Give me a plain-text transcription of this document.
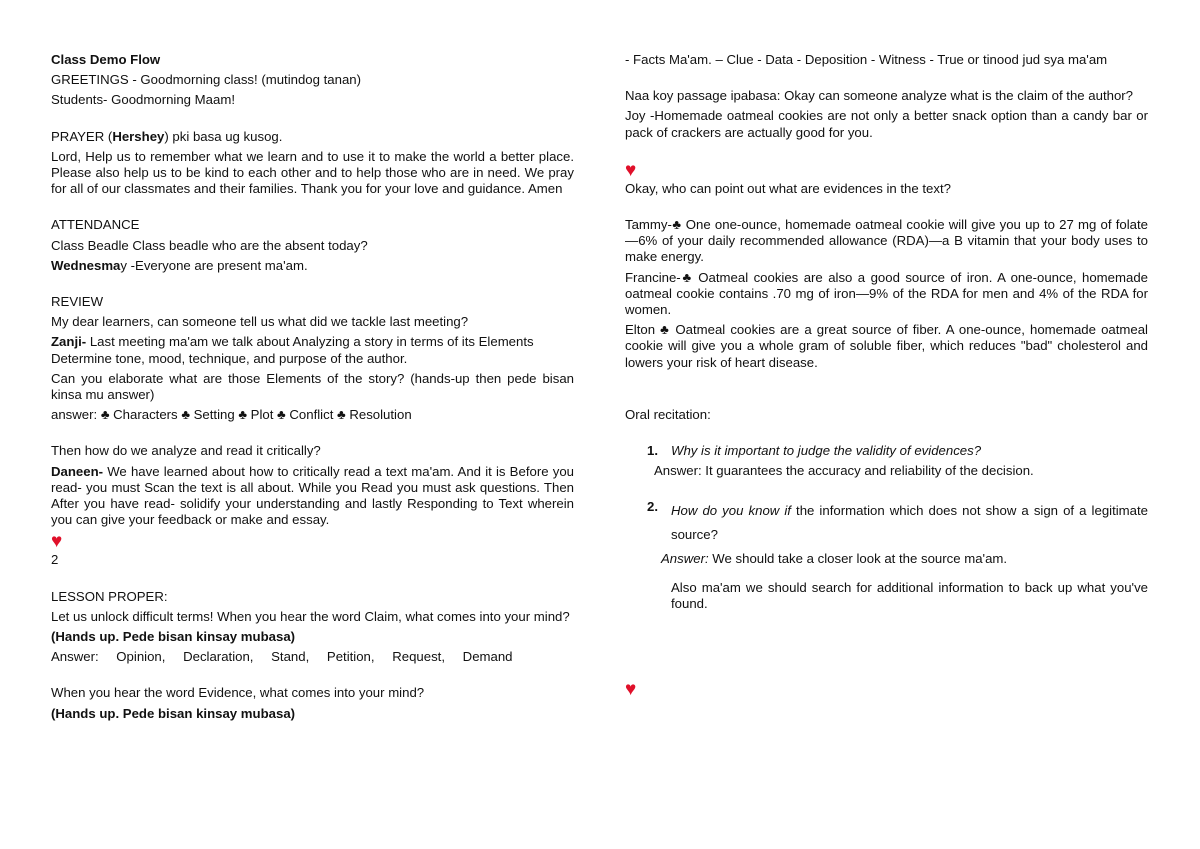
Class Demo Flow

GREETINGS - Goodmorning class! (mutindog tanan)

Students- Goodmorning Maam!

PRAYER (Hershey) pki basa ug kusog.

Lord, Help us to remember what we learn and to use it to make the world a better place. Please also help us to be kind to each other and to help those who are in need. We pray for all of our classmates and their families. Thank you for your love and guidance. Amen

ATTENDANCE

Class Beadle Class beadle who are the absent today?

Wednesmay -Everyone are present ma'am.

REVIEW

My dear learners, can someone tell us what did we tackle last meeting?

Zanji- Last meeting ma'am we talk about Analyzing a story in terms of its Elements Determine tone, mood, technique, and purpose of the author.

Can you elaborate what are those Elements of the story? (hands-up then pede bisan kinsa mu answer)

answer: ♣ Characters ♣ Setting ♣ Plot ♣ Conflict ♣ Resolution

Then how do we analyze and read it critically?

Daneen- We have learned about how to critically read a text ma'am. And it is Before you read- you must Scan the text is all about. While you Read you must ask questions. Then After you have read- solidify your understanding and lastly Responding to Text wherein you can give your feedback or make and essay.

♥

2

LESSON PROPER:

Let us unlock difficult terms! When you hear the word Claim, what comes into your mind?

(Hands up. Pede bisan kinsay mubasa)

Answer: Opinion, Declaration, Stand, Petition, Request, Demand

When you hear the word Evidence, what comes into your mind?

(Hands up. Pede bisan kinsay mubasa)

- Facts Ma'am. – Clue - Data - Deposition - Witness - True or tinood jud sya ma'am

Naa koy passage ipabasa: Okay can someone analyze what is the claim of the author?

Joy -Homemade oatmeal cookies are not only a better snack option than a candy bar or pack of crackers are actually good for you.

♥

Okay, who can point out what are evidences in the text?

Tammy-♣ One one-ounce, homemade oatmeal cookie will give you up to 27 mg of folate—6% of your daily recommended allowance (RDA)—a B vitamin that your body uses to make energy.

Francine-♣ Oatmeal cookies are also a good source of iron. A one-ounce, homemade oatmeal cookie contains .70 mg of iron—9% of the RDA for men and 4% of the RDA for women.

Elton ♣ Oatmeal cookies are a great source of fiber. A one-ounce, homemade oatmeal cookie will give you a whole gram of soluble fiber, which reduces "bad" cholesterol and lowers your risk of heart disease.

Oral recitation:

1. Why is it important to judge the validity of evidences?

Answer: It guarantees the accuracy and reliability of the decision.

2. How do you know if the information which does not show a sign of a legitimate source?

Answer: We should take a closer look at the source ma'am.

Also ma'am we should search for additional information to back up what you've found.

♥
